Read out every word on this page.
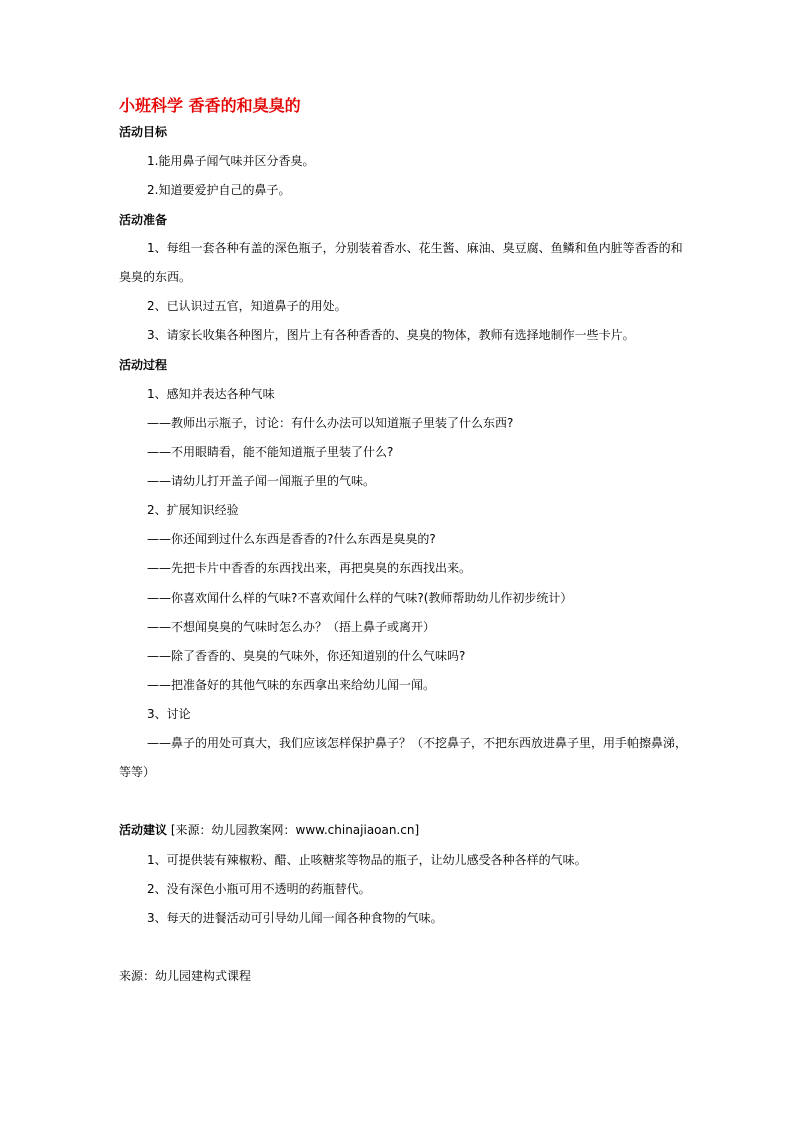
小班科学 香香的和臭臭的
活动目标
1.能用鼻子闻气味并区分香臭。
2.知道要爱护自己的鼻子。
活动准备
1、每组一套各种有盖的深色瓶子，分别装着香水、花生酱、麻油、臭豆腐、鱼鳞和鱼内脏等香香的和
臭臭的东西。
2、已认识过五官，知道鼻子的用处。
3、请家长收集各种图片，图片上有各种香香的、臭臭的物体，教师有选择地制作一些卡片。
活动过程
1、感知并表达各种气味
——教师出示瓶子，讨论：有什么办法可以知道瓶子里装了什么东西?
——不用眼睛看，能不能知道瓶子里装了什么?
——请幼儿打开盖子闻一闻瓶子里的气味。
2、扩展知识经验
——你还闻到过什么东西是香香的?什么东西是臭臭的?
——先把卡片中香香的东西找出来，再把臭臭的东西找出来。
——你喜欢闻什么样的气味?不喜欢闻什么样的气味?(教师帮助幼儿作初步统计）
——不想闻臭臭的气味时怎么办？（捂上鼻子或离开）
——除了香香的、臭臭的气味外，你还知道别的什么气味吗?
——把准备好的其他气味的东西拿出来给幼儿闻一闻。
3、讨论
——鼻子的用处可真大，我们应该怎样保护鼻子？（不挖鼻子，不把东西放进鼻子里，用手帕擦鼻涕，
等等）
活动建议 [来源：幼儿园教案网：www.chinajiaoan.cn]
1、可提供装有辣椒粉、醋、止咳糖浆等物品的瓶子，让幼儿感受各种各样的气味。
2、没有深色小瓶可用不透明的药瓶替代。
3、每天的进餐活动可引导幼儿闻一闻各种食物的气味。
来源：幼儿园建构式课程
